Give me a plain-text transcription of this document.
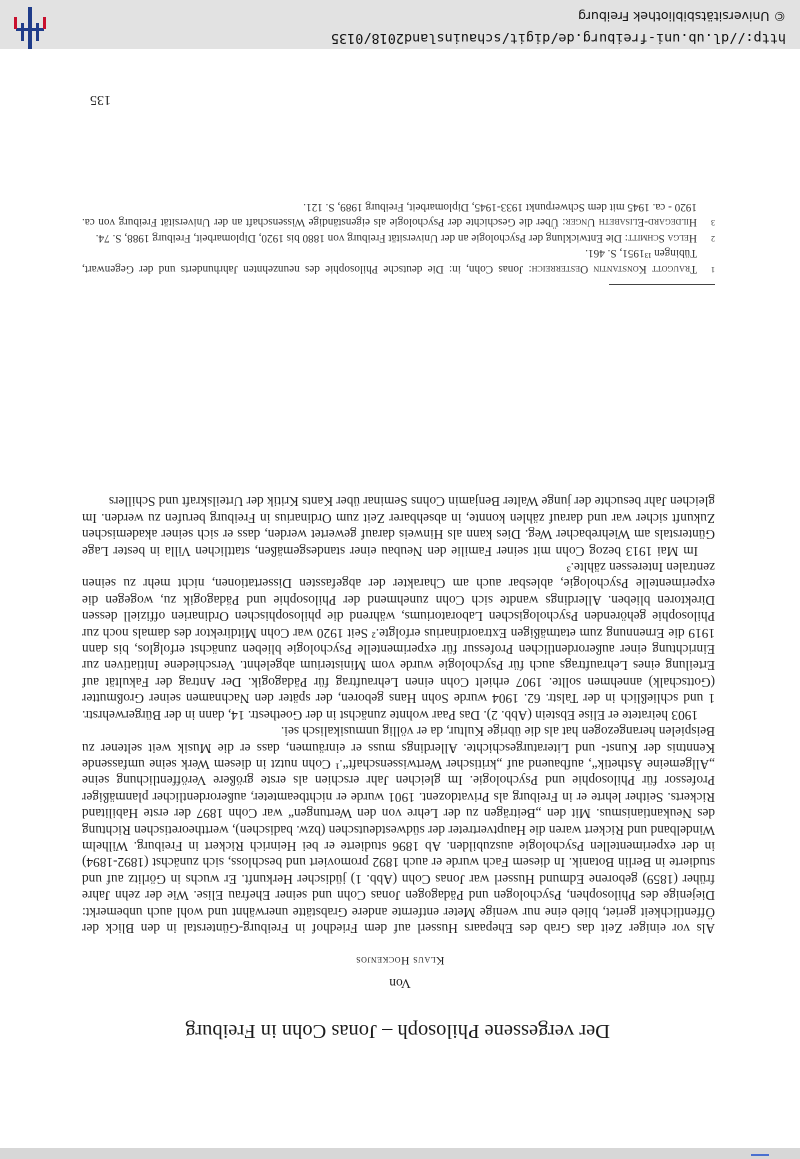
Der vergessene Philosoph – Jonas Cohn in Freiburg
Von
Klaus Hockenjos

Als vor einiger Zeit das Grab des Ehepaars Husserl auf dem Friedhof in Freiburg-Günterstal in den Blick der Öffentlichkeit geriet, blieb eine nur wenige Meter entfernte andere Grabstätte unerwähnt und wohl auch unbemerkt: Diejenige des Philosophen, Psychologen und Pädagogen Jonas Cohn und seiner Ehefrau Elise. Wie der zehn Jahre früher (1859) geborene Edmund Husserl war Jonas Cohn (Abb. 1) jüdischer Herkunft. Er wuchs in Görlitz auf und studierte in Berlin Botanik. In diesem Fach wurde er auch 1892 promoviert und beschloss, sich zunächst (1892-1894) in der experimentellen Psychologie auszubilden. Ab 1896 studierte er bei Heinrich Rickert in Freiburg. Wilhelm Windelband und Rickert waren die Hauptvertreter der südwestdeutschen (bzw. badischen), werttheoretischen Richtung des Neukantianismus. Mit den „Beiträgen zu der Lehre von den Wertungen“ war Cohn 1897 der erste Habilitand Rickerts. Seither lehrte er in Freiburg als Privatdozent. 1901 wurde er nichtbeamteter, außerordentlicher planmäßiger Professor für Philosophie und Psychologie. Im gleichen Jahr erschien als erste größere Veröffentlichung seine „Allgemeine Ästhetik“, aufbauend auf „kritischer Wertwissenschaft“.¹ Cohn nutzt in diesem Werk seine umfassende Kenntnis der Kunst- und Literaturgeschichte. Allerdings muss er einräumen, dass er die Musik weit seltener zu Beispielen herangezogen hat als die übrige Kultur, da er völlig unmusikalisch sei.

1903 heiratete er Elise Ebstein (Abb. 2). Das Paar wohnte zunächst in der Goethestr. 14, dann in der Bürgerwehrstr. 1 und schließlich in der Talstr. 62. 1904 wurde Sohn Hans geboren, der später den Nachnamen seiner Großmutter (Gottschalk) annehmen sollte. 1907 erhielt Cohn einen Lehrauftrag für Pädagogik. Der Antrag der Fakultät auf Erteilung eines Lehrauftrags auch für Psychologie wurde vom Ministerium abgelehnt. Verschiedene Initiativen zur Einrichtung einer außerordentlichen Professur für experimentelle Psychologie blieben zunächst erfolglos, bis dann 1919 die Ernennung zum etatmäßigen Extraordinarius erfolgte.² Seit 1920 war Cohn Mitdirektor des damals noch zur Philosophie gehörenden Psychologischen Laboratoriums, während die philosophischen Ordinarien offiziell dessen Direktoren blieben. Allerdings wandte sich Cohn zunehmend der Philosophie und Pädagogik zu, wogegen die experimentelle Psychologie, ablesbar auch am Charakter der abgefassten Dissertationen, nicht mehr zu seinen zentralen Interessen zählte.³

Im Mai 1913 bezog Cohn mit seiner Familie den Neubau einer standesgemäßen, stattlichen Villa in bester Lage Günterstals am Wiehrebacher Weg. Dies kann als Hinweis darauf gewertet werden, dass er sich seiner akademischen Zukunft sicher war und darauf zählen konnte, in absehbarer Zeit zum Ordinarius in Freiburg berufen zu werden. Im gleichen Jahr besuchte der junge Walter Benjamin Cohns Seminar über Kants Kritik der Urteilskraft und Schillers

1
Traugott Konstantin Oesterreich: Jonas Cohn, in: Die deutsche Philosophie des neunzehnten Jahrhunderts und der Gegenwart, Tübingen ¹³1951, S. 461.
2
Helga Schmitt: Die Entwicklung der Psychologie an der Universität Freiburg von 1880 bis 1920, Diplomarbeit, Freiburg 1988, S. 74.
3
Hildegard-Elisabeth Unger: Über die Geschichte der Psychologie als eigenständige Wissenschaft an der Universität Freiburg von ca. 1920 - ca. 1945 mit dem Schwerpunkt 1933-1945, Diplomarbeit, Freiburg 1989, S. 121.
135
http://dl.ub.uni-freiburg.de/digit/schauinsland2018/0135
© Universitätsbibliothek Freiburg
